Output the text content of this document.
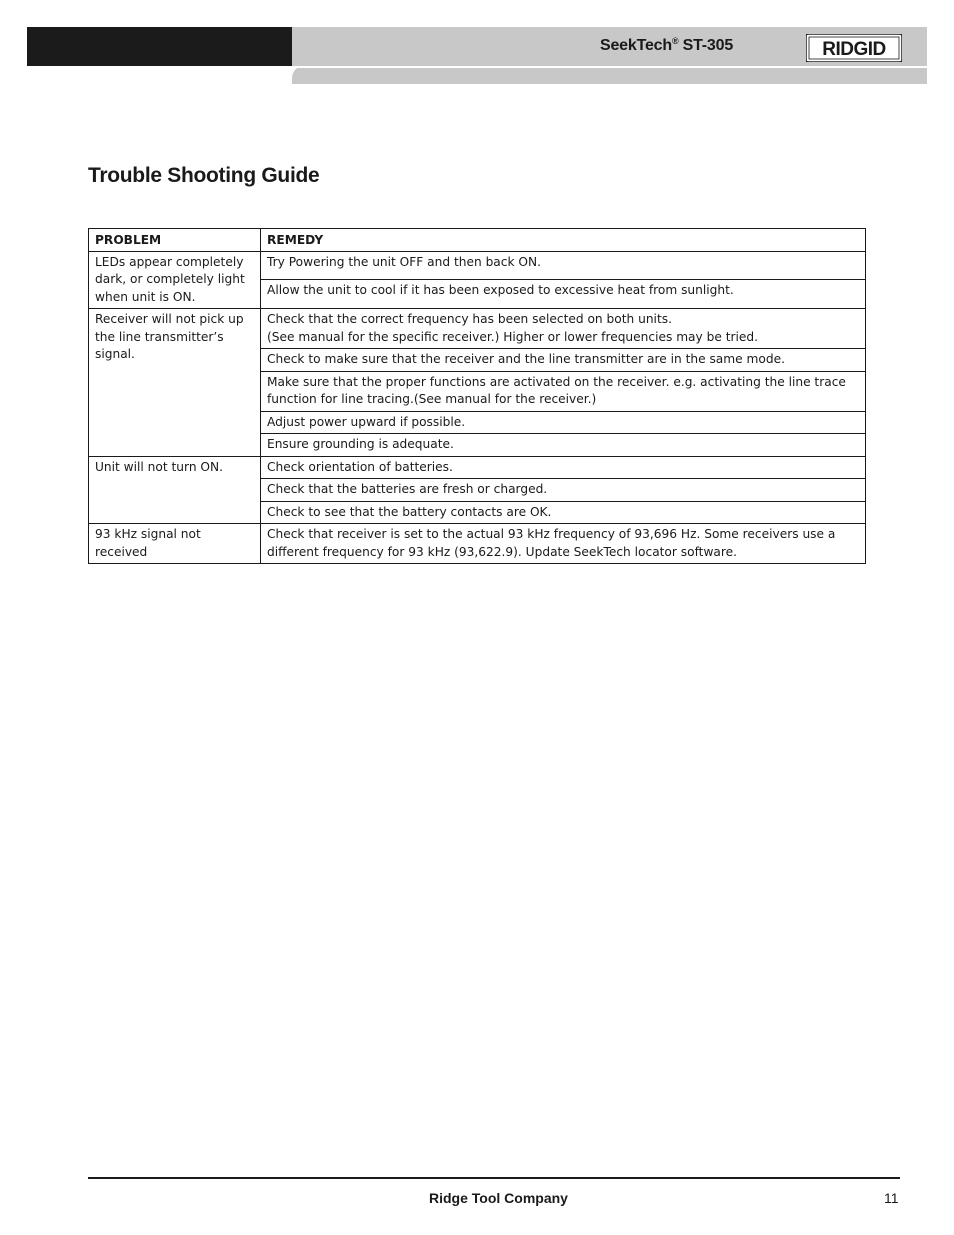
SeekTech® ST-305	RIDGID
Trouble Shooting Guide
PROBLEM	REMEDY
LEDs appear completely dark, or completely light when unit is ON.	Try Powering the unit OFF and then back ON.
	Allow the unit to cool if it has been exposed to excessive heat from sunlight.
Receiver will not pick up the line transmitter’s signal.	Check that the correct frequency has been selected on both units.
(See manual for the specific receiver.) Higher or lower frequencies may be tried.
	Check to make sure that the receiver and the line transmitter are in the same mode.
	Make sure that the proper functions are activated on the receiver. e.g. activating the line trace function for line tracing.(See manual for the receiver.)
	Adjust power upward if possible.
	Ensure grounding is adequate.
Unit will not turn ON.	Check orientation of batteries.
	Check that the batteries are fresh or charged.
	Check to see that the battery contacts are OK.
93 kHz signal not received	Check that receiver is set to the actual 93 kHz frequency of 93,696 Hz. Some receivers use a different frequency for 93 kHz (93,622.9). Update SeekTech locator software.
Ridge Tool Company	11
